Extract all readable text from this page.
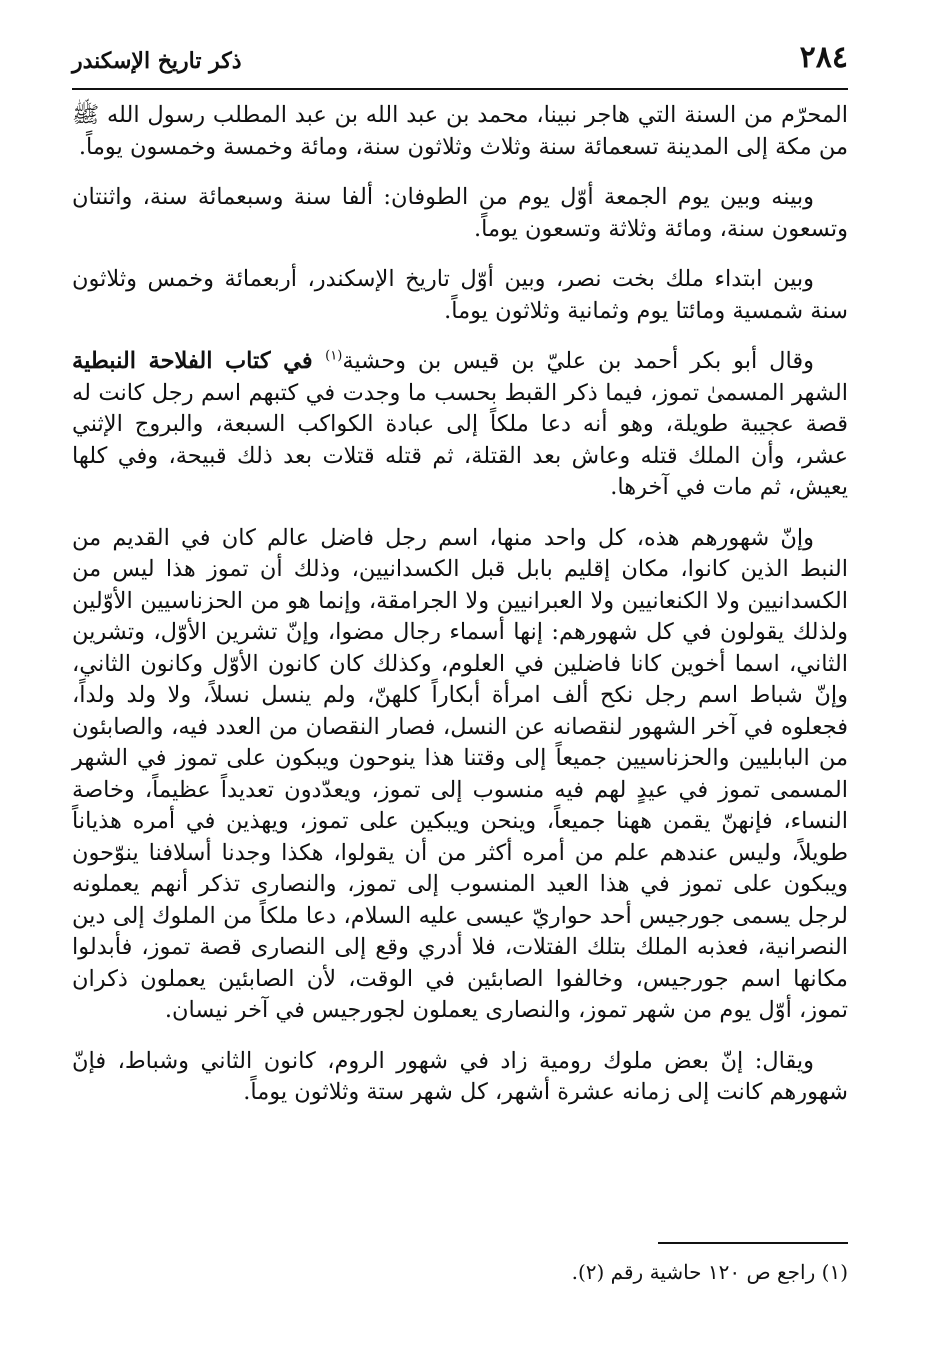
٢٨٤
ذكر تاريخ الإسكندر

المحرّم من السنة التي هاجر نبينا، محمد بن عبد الله بن عبد المطلب رسول الله ﷺ من مكة إلى المدينة تسعمائة سنة وثلاث وثلاثون سنة، ومائة وخمسة وخمسون يوماً.

وبينه وبين يوم الجمعة أوّل يوم من الطوفان: ألفا سنة وسبعمائة سنة، واثنتان وتسعون سنة، ومائة وثلاثة وتسعون يوماً.

وبين ابتداء ملك بخت نصر، وبين أوّل تاريخ الإسكندر، أربعمائة وخمس وثلاثون سنة شمسية ومائتا يوم وثمانية وثلاثون يوماً.

وقال أبو بكر أحمد بن عليّ بن قيس بن وحشية$^{(١)}$ في كتاب الفلاحة النبطية الشهر المسمىٰ تموز، فيما ذكر القبط بحسب ما وجدت في كتبهم اسم رجل كانت له قصة عجيبة طويلة، وهو أنه دعا ملكاً إلى عبادة الكواكب السبعة، والبروج الإثني عشر، وأن الملك قتله وعاش بعد القتلة، ثم قتله قتلات بعد ذلك قبيحة، وفي كلها يعيش، ثم مات في آخرها.

وإنّ شهورهم هذه، كل واحد منها، اسم رجل فاضل عالم كان في القديم من النبط الذين كانوا، مكان إقليم بابل قبل الكسدانيين، وذلك أن تموز هذا ليس من الكسدانيين ولا الكنعانيين ولا العبرانيين ولا الجرامقة، وإنما هو من الحزناسيين الأوّلين ولذلك يقولون في كل شهورهم: إنها أسماء رجال مضوا، وإنّ تشرين الأوّل، وتشرين الثاني، اسما أخوين كانا فاضلين في العلوم، وكذلك كان كانون الأوّل وكانون الثاني، وإنّ شباط اسم رجل نكح ألف امرأة أبكاراً كلهنّ، ولم ينسل نسلاً، ولا ولد ولداً، فجعلوه في آخر الشهور لنقصانه عن النسل، فصار النقصان من العدد فيه، والصابئون من البابليين والحزناسيين جميعاً إلى وقتنا هذا ينوحون ويبكون على تموز في الشهر المسمى تموز في عيدٍ لهم فيه منسوب إلى تموز، ويعدّدون تعديداً عظيماً، وخاصة النساء، فإنهنّ يقمن ههنا جميعاً، وينحن ويبكين على تموز، ويهذين في أمره هذياناً طويلاً، وليس عندهم علم من أمره أكثر من أن يقولوا، هكذا وجدنا أسلافنا ينوّحون ويبكون على تموز في هذا العيد المنسوب إلى تموز، والنصارى تذكر أنهم يعملونه لرجل يسمى جورجيس أحد حواريّ عيسى عليه السلام، دعا ملكاً من الملوك إلى دين النصرانية، فعذبه الملك بتلك الفتلات، فلا أدري وقع إلى النصارى قصة تموز، فأبدلوا مكانها اسم جورجيس، وخالفوا الصابئين في الوقت، لأن الصابئين يعملون ذكران تموز، أوّل يوم من شهر تموز، والنصارى يعملون لجورجيس في آخر نيسان.

ويقال: إنّ بعض ملوك رومية زاد في شهور الروم، كانون الثاني وشباط، فإنّ شهورهم كانت إلى زمانه عشرة أشهر، كل شهر ستة وثلاثون يوماً.

(١) راجع ص ١٢٠ حاشية رقم (٢).
